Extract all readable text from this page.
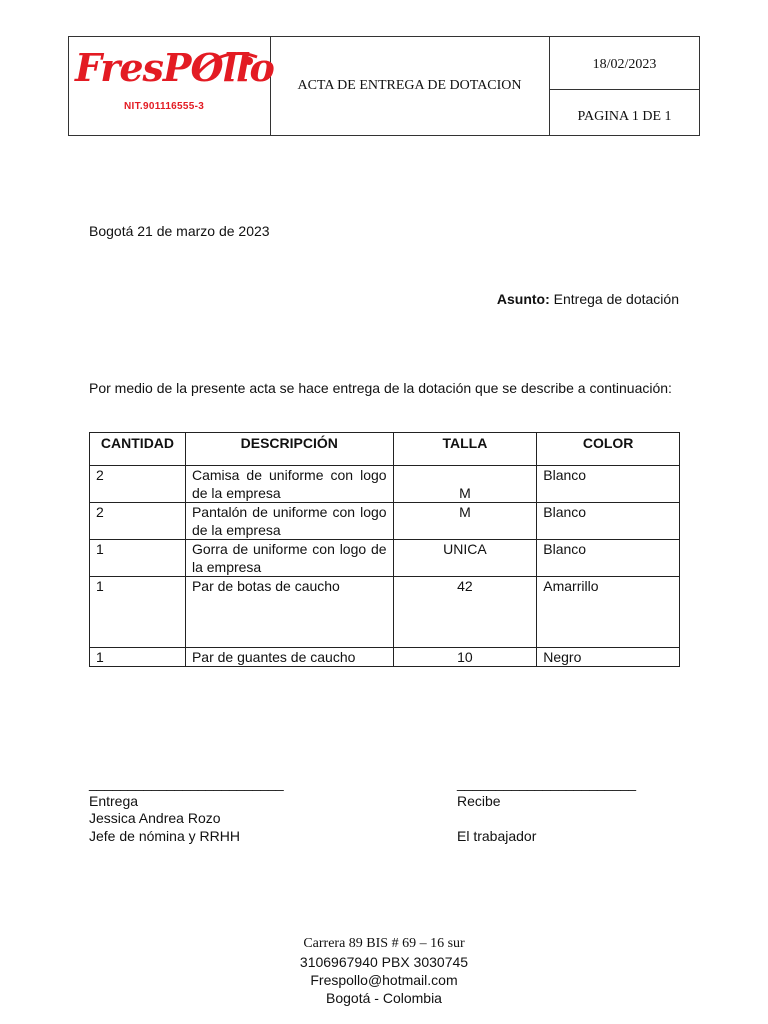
FresPOllo
NIT.901116555-3
ACTA DE ENTREGA DE DOTACION
18/02/2023
PAGINA 1 DE 1
Bogotá 21 de marzo de 2023
Asunto: Entrega de dotación
Por medio de la presente acta se hace entrega de la dotación que se describe a continuación:
CANTIDAD	DESCRIPCIÓN	TALLA	COLOR
2	Camisa de uniforme con logo de la empresa	M	Blanco
2	Pantalón de uniforme con logo de la empresa	M	Blanco
1	Gorra de uniforme con logo de la empresa	UNICA	Blanco
1	Par de botas de caucho	42	Amarrillo
1	Par de guantes de caucho	10	Negro
_________________________
Entrega
Jessica Andrea Rozo
Jefe de nómina y RRHH
_______________________
Recibe
El trabajador
Carrera 89 BIS # 69 – 16 sur
3106967940 PBX 3030745
Frespollo@hotmail.com
Bogotá - Colombia
